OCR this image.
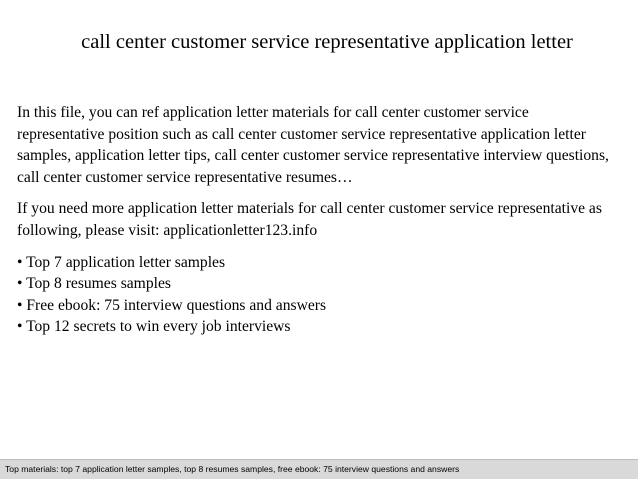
call center customer service representative application letter

In this file, you can ref application letter materials for call center customer service representative position such as call center customer service representative application letter samples, application letter tips, call center customer service representative interview questions, call center customer service representative resumes…

If you need more application letter materials for call center customer service representative as following, please visit: applicationletter123.info

• Top 7 application letter samples
• Top 8 resumes samples
• Free ebook: 75 interview questions and answers
• Top 12 secrets to win every job interviews
Top materials: top 7 application letter samples, top 8 resumes samples, free ebook: 75 interview questions and answers
